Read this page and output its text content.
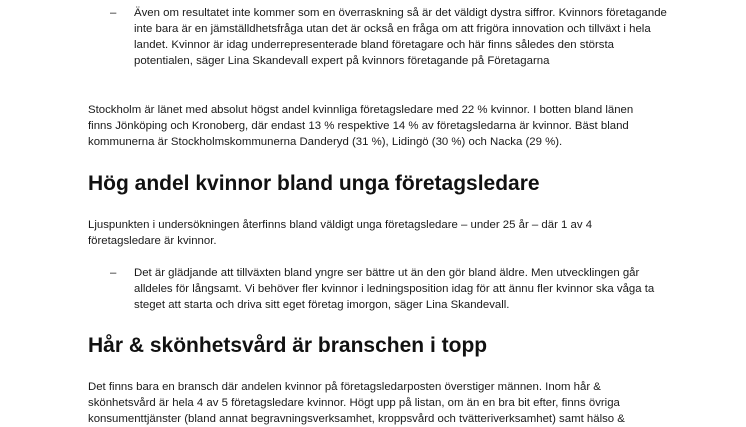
– Även om resultatet inte kommer som en överraskning så är det väldigt dystra siffror. Kvinnors företagande inte bara är en jämställdhetsfråga utan det är också en fråga om att frigöra innovation och tillväxt i hela landet. Kvinnor är idag underrepresenterade bland företagare och här finns således den största potentialen, säger Lina Skandevall expert på kvinnors företagande på Företagarna
Stockholm är länet med absolut högst andel kvinnliga företagsledare med 22 % kvinnor. I botten bland länen finns Jönköping och Kronoberg, där endast 13 % respektive 14 % av företagsledarna är kvinnor. Bäst bland kommunerna är Stockholmskommunerna Danderyd (31 %), Lidingö (30 %) och Nacka (29 %).
Hög andel kvinnor bland unga företagsledare
Ljuspunkten i undersökningen återfinns bland väldigt unga företagsledare – under 25 år – där 1 av 4 företagsledare är kvinnor.
– Det är glädjande att tillväxten bland yngre ser bättre ut än den gör bland äldre. Men utvecklingen går alldeles för långsamt. Vi behöver fler kvinnor i ledningsposition idag för att ännu fler kvinnor ska våga ta steget att starta och driva sitt eget företag imorgon, säger Lina Skandevall.
Hår & skönhetsvård är branschen i topp
Det finns bara en bransch där andelen kvinnor på företagsledarposten överstiger männen. Inom hår & skönhetsvård är hela 4 av 5 företagsledare kvinnor. Högt upp på listan, om än en bra bit efter, finns övriga konsumenttjänster (bland annat begravningsverksamhet, kroppsvård och tvätteriverksamhet) samt hälso &
